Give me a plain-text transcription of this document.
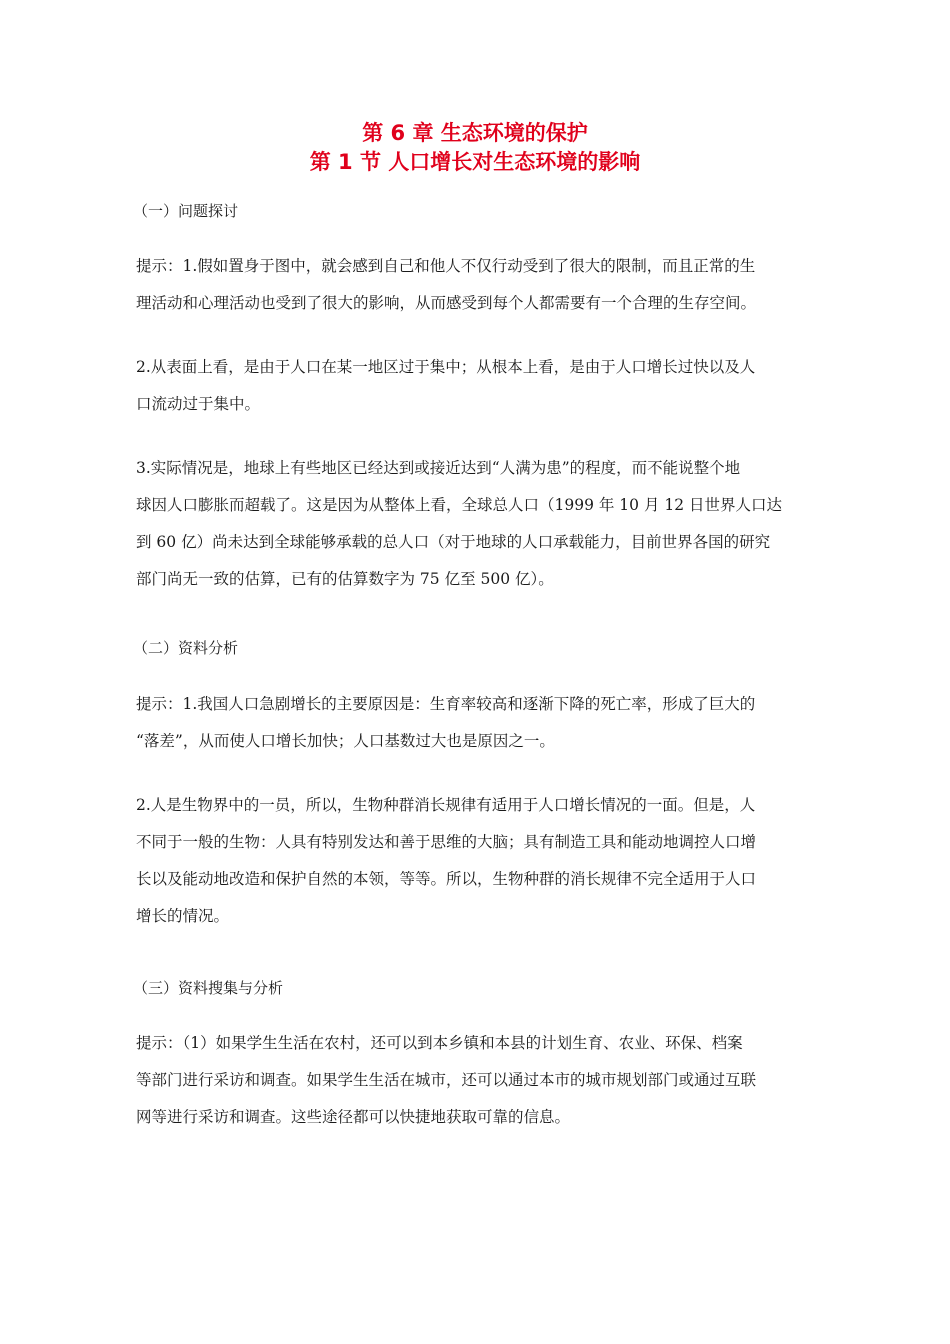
第 6 章 生态环境的保护
第 1 节 人口增长对生态环境的影响
（一）问题探讨
提示：1.假如置身于图中，就会感到自己和他人不仅行动受到了很大的限制，而且正常的生
理活动和心理活动也受到了很大的影响，从而感受到每个人都需要有一个合理的生存空间。
2.从表面上看，是由于人口在某一地区过于集中；从根本上看，是由于人口增长过快以及人
口流动过于集中。
3.实际情况是，地球上有些地区已经达到或接近达到“人满为患”的程度，而不能说整个地
球因人口膨胀而超载了。这是因为从整体上看，全球总人口（1999 年 10 月 12 日世界人口达
到 60 亿）尚未达到全球能够承载的总人口（对于地球的人口承载能力，目前世界各国的研究
部门尚无一致的估算，已有的估算数字为 75 亿至 500 亿）。
（二）资料分析
提示：1.我国人口急剧增长的主要原因是：生育率较高和逐渐下降的死亡率，形成了巨大的
“落差”，从而使人口增长加快；人口基数过大也是原因之一。
2.人是生物界中的一员，所以，生物种群消长规律有适用于人口增长情况的一面。但是，人
不同于一般的生物：人具有特别发达和善于思维的大脑；具有制造工具和能动地调控人口增
长以及能动地改造和保护自然的本领，等等。所以，生物种群的消长规律不完全适用于人口
增长的情况。
（三）资料搜集与分析
提示：（1）如果学生生活在农村，还可以到本乡镇和本县的计划生育、农业、环保、档案
等部门进行采访和调查。如果学生生活在城市，还可以通过本市的城市规划部门或通过互联
网等进行采访和调查。这些途径都可以快捷地获取可靠的信息。
